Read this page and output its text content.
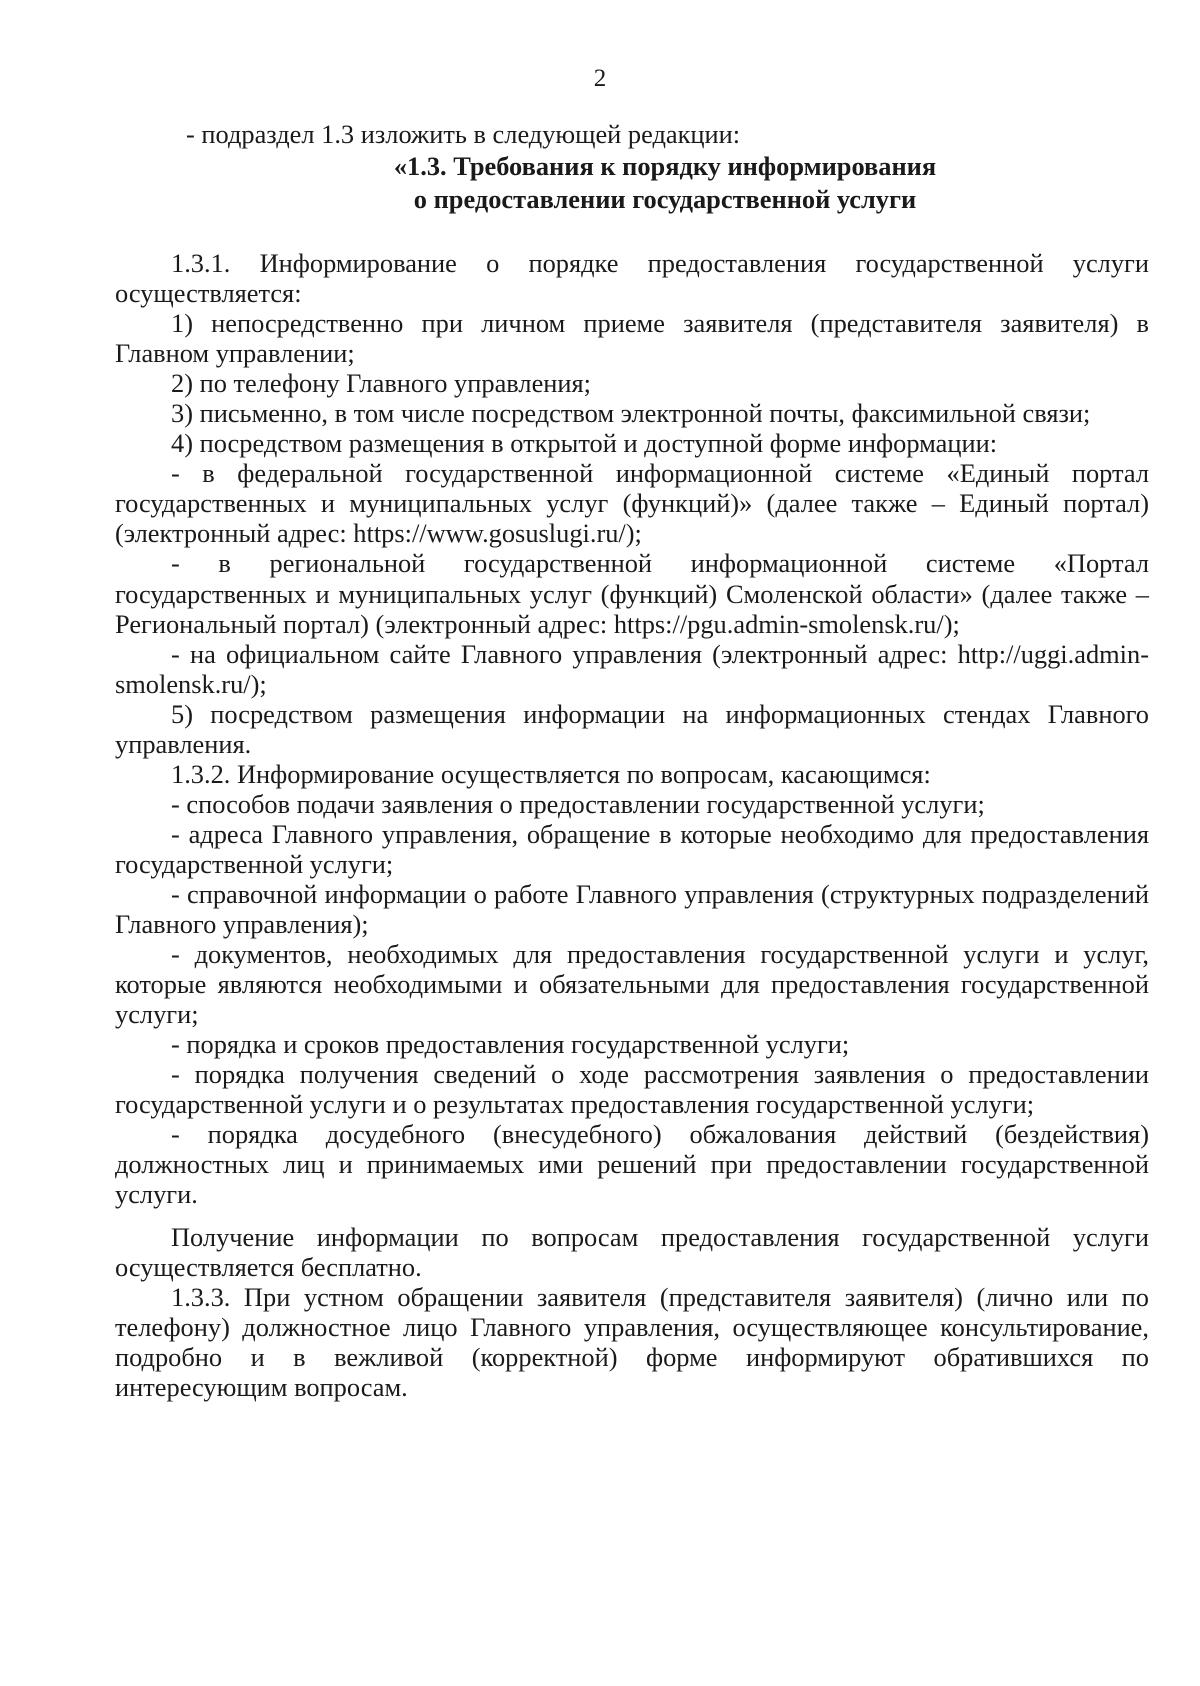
2
- подраздел 1.3 изложить в следующей редакции:
«1.3. Требования к порядку информирования
о предоставлении государственной услуги

1.3.1. Информирование о порядке предоставления государственной услуги осуществляется:

1) непосредственно при личном приеме заявителя (представителя заявителя) в Главном управлении;

2) по телефону Главного управления;

3) письменно, в том числе посредством электронной почты, факсимильной связи;

4) посредством размещения в открытой и доступной форме информации:

- в федеральной государственной информационной системе «Единый портал государственных и муниципальных услуг (функций)» (далее также – Единый портал) (электронный адрес: https://www.gosuslugi.ru/);

- в региональной государственной информационной системе «Портал государственных и муниципальных услуг (функций) Смоленской области» (далее также – Региональный портал) (электронный адрес: https://pgu.admin-smolensk.ru/);

- на официальном сайте Главного управления (электронный адрес: http://uggi.admin-smolensk.ru/);

5) посредством размещения информации на информационных стендах Главного управления.

1.3.2. Информирование осуществляется по вопросам, касающимся:

- способов подачи заявления о предоставлении государственной услуги;

- адреса Главного управления, обращение в которые необходимо для предоставления государственной услуги;

- справочной информации о работе Главного управления (структурных подразделений Главного управления);

- документов, необходимых для предоставления государственной услуги и услуг, которые являются необходимыми и обязательными для предоставления государственной услуги;

- порядка и сроков предоставления государственной услуги;

- порядка получения сведений о ходе рассмотрения заявления о предоставлении государственной услуги и о результатах предоставления государственной услуги;

- порядка досудебного (внесудебного) обжалования действий (бездействия) должностных лиц и принимаемых ими решений при предоставлении государственной услуги.

Получение информации по вопросам предоставления государственной услуги осуществляется бесплатно.

1.3.3. При устном обращении заявителя (представителя заявителя) (лично или по телефону) должностное лицо Главного управления, осуществляющее консультирование, подробно и в вежливой (корректной) форме информируют обратившихся по интересующим вопросам.
